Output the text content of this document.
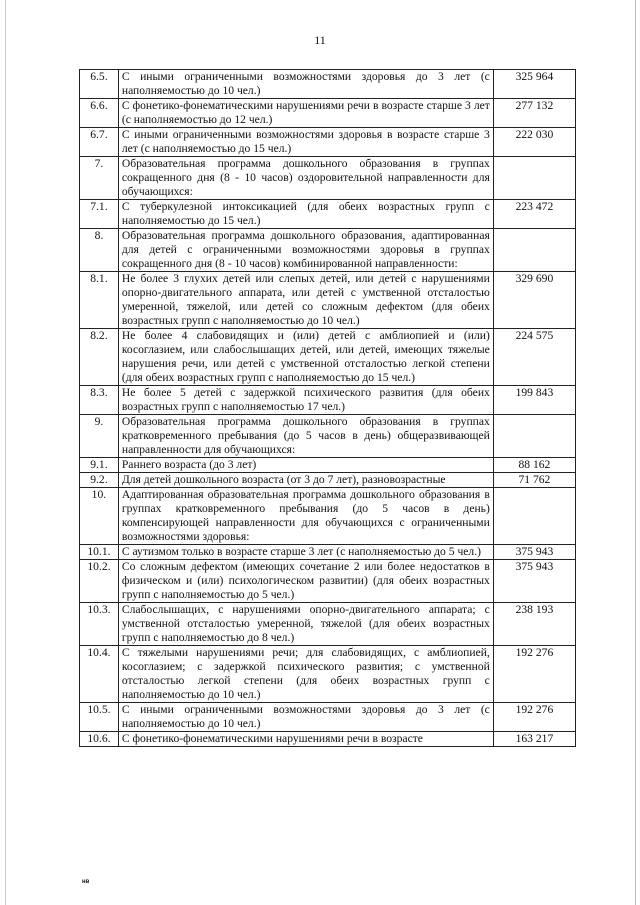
11
6.5.	С иными ограниченными возможностями здоровья до 3 лет (с наполняемостью до 10 чел.)	325 964
6.6.	С фонетико-фонематическими нарушениями речи в возрасте старше 3 лет (с наполняемостью до 12 чел.)	277 132
6.7.	С иными ограниченными возможностями здоровья в возрасте старше 3 лет (с наполняемостью до 15 чел.)	222 030
7.	Образовательная программа дошкольного образования в группах сокращенного дня (8 - 10 часов) оздоровительной направленности для обучающихся:	
7.1.	С туберкулезной интоксикацией (для обеих возрастных групп с наполняемостью до 15 чел.)	223 472
8.	Образовательная программа дошкольного образования, адаптированная для детей с ограниченными возможностями здоровья в группах сокращенного дня (8 - 10 часов) комбинированной направленности:	
8.1.	Не более 3 глухих детей или слепых детей, или детей с нарушениями опорно-двигательного аппарата, или детей с умственной отсталостью умеренной, тяжелой, или детей со сложным дефектом (для обеих возрастных групп с наполняемостью до 10 чел.)	329 690
8.2.	Не более 4 слабовидящих и (или) детей с амблиопией и (или) косоглазием, или слабослышащих детей, или детей, имеющих тяжелые нарушения речи, или детей с умственной отсталостью легкой степени (для обеих возрастных групп с наполняемостью до 15 чел.)	224 575
8.3.	Не более 5 детей с задержкой психического развития (для обеих возрастных групп с наполняемостью 17 чел.)	199 843
9.	Образовательная программа дошкольного образования в группах кратковременного пребывания (до 5 часов в день) общеразвивающей направленности для обучающихся:	
9.1.	Раннего возраста (до 3 лет)	88 162
9.2.	Для детей дошкольного возраста (от 3 до 7 лет), разновозрастные	71 762
10.	Адаптированная образовательная программа дошкольного образования в группах кратковременного пребывания (до 5 часов в день) компенсирующей направленности для обучающихся с ограниченными возможностями здоровья:	
10.1.	С аутизмом только в возрасте старше 3 лет (с наполняемостью до 5 чел.)	375 943
10.2.	Со сложным дефектом (имеющих сочетание 2 или более недостатков в физическом и (или) психологическом развитии) (для обеих возрастных групп с наполняемостью до 5 чел.)	375 943
10.3.	Слабослышащих, с нарушениями опорно-двигательного аппарата; с умственной отсталостью умеренной, тяжелой (для обеих возрастных групп с наполняемостью до 8 чел.)	238 193
10.4.	С тяжелыми нарушениями речи; для слабовидящих, с амблиопией, косоглазием; с задержкой психического развития; с умственной отсталостью легкой степени (для обеих возрастных групп с наполняемостью до 10 чел.)	192 276
10.5.	С иными ограниченными возможностями здоровья до 3 лет (с наполняемостью до 10 чел.)	192 276
10.6.	С фонетико-фонематическими нарушениями речи в возрасте	163 217
нв
